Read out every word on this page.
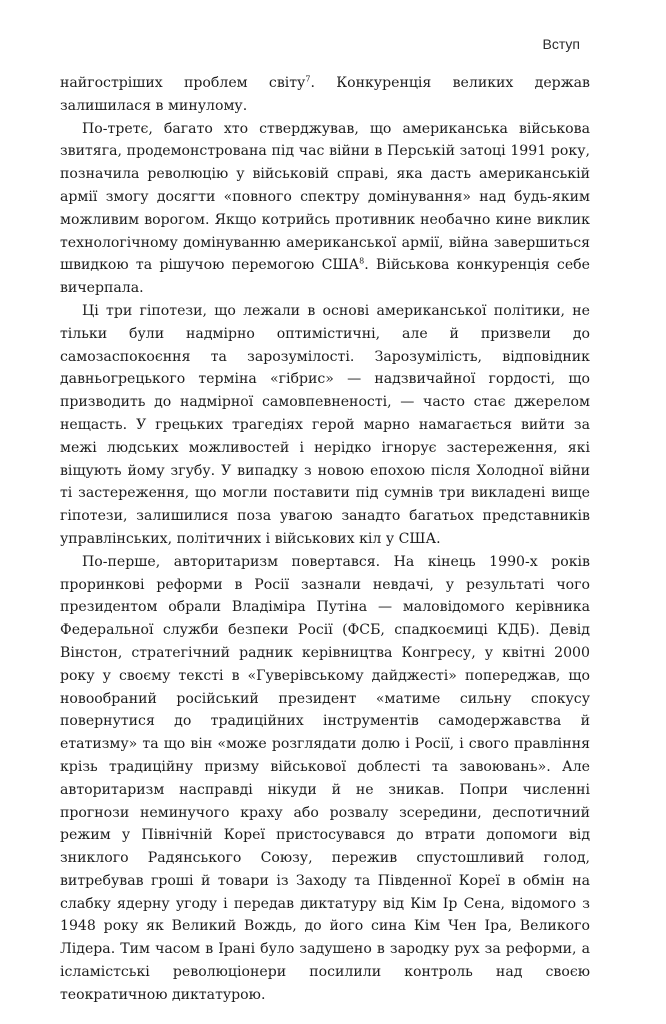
Вступ

найгостріших проблем світу$^7$. Конкуренція великих держав залишилася в минулому.

По-третє, багато хто стверджував, що американська військова звитяга, продемонстрована під час війни в Перській затоці 1991 року, позначила революцію у військовій справі, яка дасть американській армії змогу досягти «повного спектру домінування» над будь-яким можливим ворогом. Якщо котрийсь противник необачно кине виклик технологічному домінуванню американської армії, війна завершиться швидкою та рішучою перемогою США$^8$. Військова конкуренція себе вичерпала.

Ці три гіпотези, що лежали в основі американської політики, не тільки були надмірно оптимістичні, але й призвели до самозаспокоєння та зарозумілості. Зарозумілість, відповідник давньогрецького терміна «гібрис» — надзвичайної гордості, що призводить до надмірної самовпевненості, — часто стає джерелом нещасть. У грецьких трагедіях герой марно намагається вийти за межі людських можливостей і нерідко ігнорує застереження, які віщують йому згубу. У випадку з новою епохою після Холодної війни ті застереження, що могли поставити під сумнів три викладені вище гіпотези, залишилися поза увагою занадто багатьох представників управлінських, політичних і військових кіл у США.

По-перше, авторитаризм повертався. На кінець 1990-х років проринкові реформи в Росії зазнали невдачі, у результаті чого президентом обрали Владіміра Путіна — маловідомого керівника Федеральної служби безпеки Росії (ФСБ, спадкоємиці КДБ). Девід Вінстон, стратегічний радник керівництва Конгресу, у квітні 2000 року у своєму тексті в «Гуверівському дайджесті» попереджав, що новообраний російський президент «матиме сильну спокусу повернутися до традиційних інструментів самодержавства й етатизму» та що він «може розглядати долю і Росії, і свого правління крізь традиційну призму військової доблесті та завоювань». Але авторитаризм насправді нікуди й не зникав. Попри численні прогнози неминучого краху або розвалу зсередини, деспотичний режим у Північній Кореї пристосувався до втрати допомоги від зниклого Радянського Союзу, пережив спустошливий голод, витребував гроші й товари із Заходу та Південної Кореї в обмін на слабку ядерну угоду і передав диктатуру від Кім Ір Сена, відомого з 1948 року як Великий Вождь, до його сина Кім Чен Іра, Великого Лідера. Тим часом в Ірані було задушено в зародку рух за реформи, а ісламістські революціонери посилили контроль над своєю теократичною диктатурою.
